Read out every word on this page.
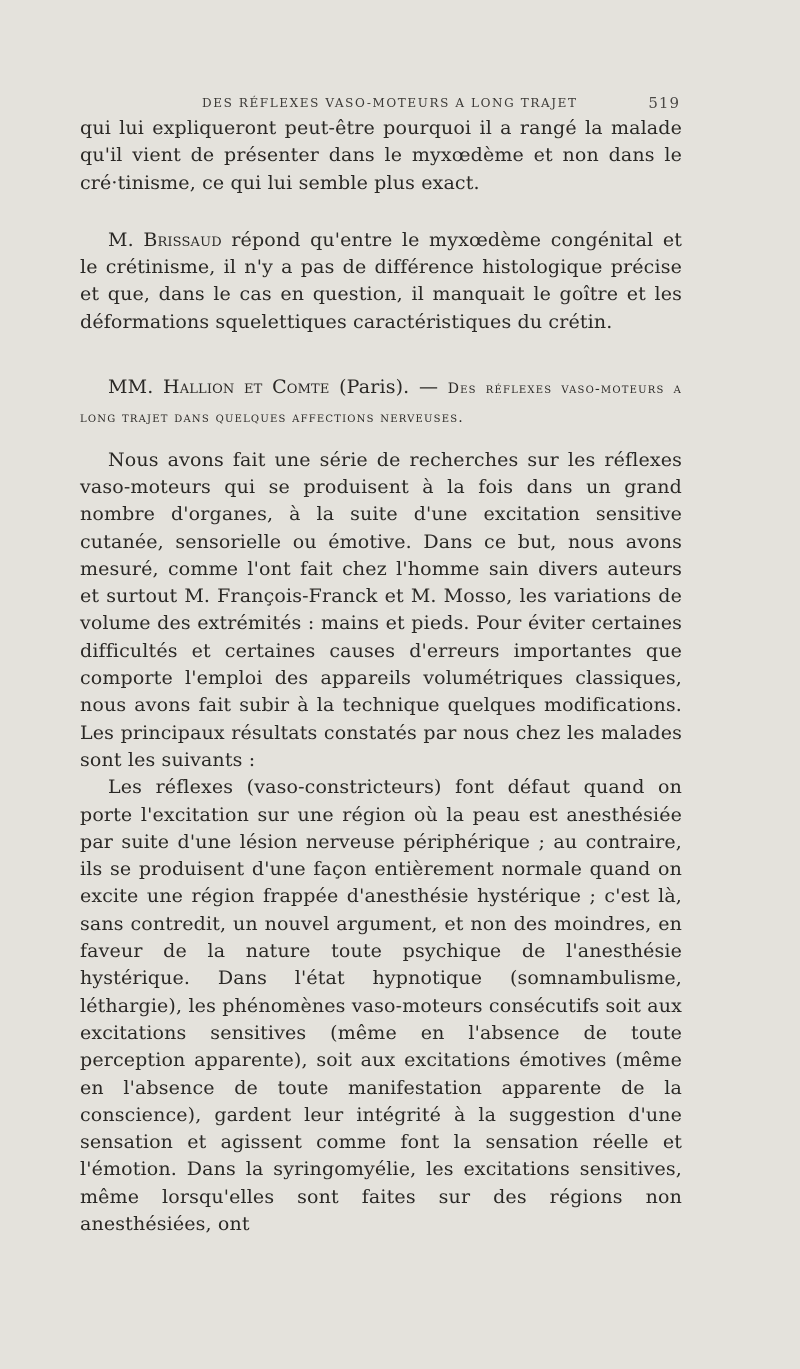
DES RÉFLEXES VASO-MOTEURS A LONG TRAJET	519

qui lui expliqueront peut-être pourquoi il a rangé la malade qu'il vient de présenter dans le myxœdème et non dans le cré·tinisme, ce qui lui semble plus exact.

M. Brissaud répond qu'entre le myxœdème congénital et le crétinisme, il n'y a pas de différence histologique précise et que, dans le cas en question, il manquait le goître et les déformations squelettiques caractéristiques du crétin.

MM. Hallion et Comte (Paris). — Des réflexes vaso-moteurs a long trajet dans quelques affections nerveuses.

Nous avons fait une série de recherches sur les réflexes vaso-moteurs qui se produisent à la fois dans un grand nombre d'organes, à la suite d'une excitation sensitive cutanée, sensorielle ou émotive. Dans ce but, nous avons mesuré, comme l'ont fait chez l'homme sain divers auteurs et surtout M. François-Franck et M. Mosso, les variations de volume des extrémités : mains et pieds. Pour éviter certaines difficultés et certaines causes d'erreurs importantes que comporte l'emploi des appareils volumétriques classiques, nous avons fait subir à la technique quelques modifications. Les principaux résultats constatés par nous chez les malades sont les suivants :

Les réflexes (vaso-constricteurs) font défaut quand on porte l'excitation sur une région où la peau est anesthésiée par suite d'une lésion nerveuse périphérique ; au contraire, ils se produisent d'une façon entièrement normale quand on excite une région frappée d'anesthésie hystérique ; c'est là, sans contredit, un nouvel argument, et non des moindres, en faveur de la nature toute psychique de l'anesthésie hystérique. Dans l'état hypnotique (somnambulisme, léthargie), les phénomènes vaso-moteurs consécutifs soit aux excitations sensitives (même en l'absence de toute perception apparente), soit aux excitations émotives (même en l'absence de toute manifestation apparente de la conscience), gardent leur intégrité à la suggestion d'une sensation et agissent comme font la sensation réelle et l'émotion. Dans la syringomyélie, les excitations sensitives, même lorsqu'elles sont faites sur des régions non anesthésiées, ont
